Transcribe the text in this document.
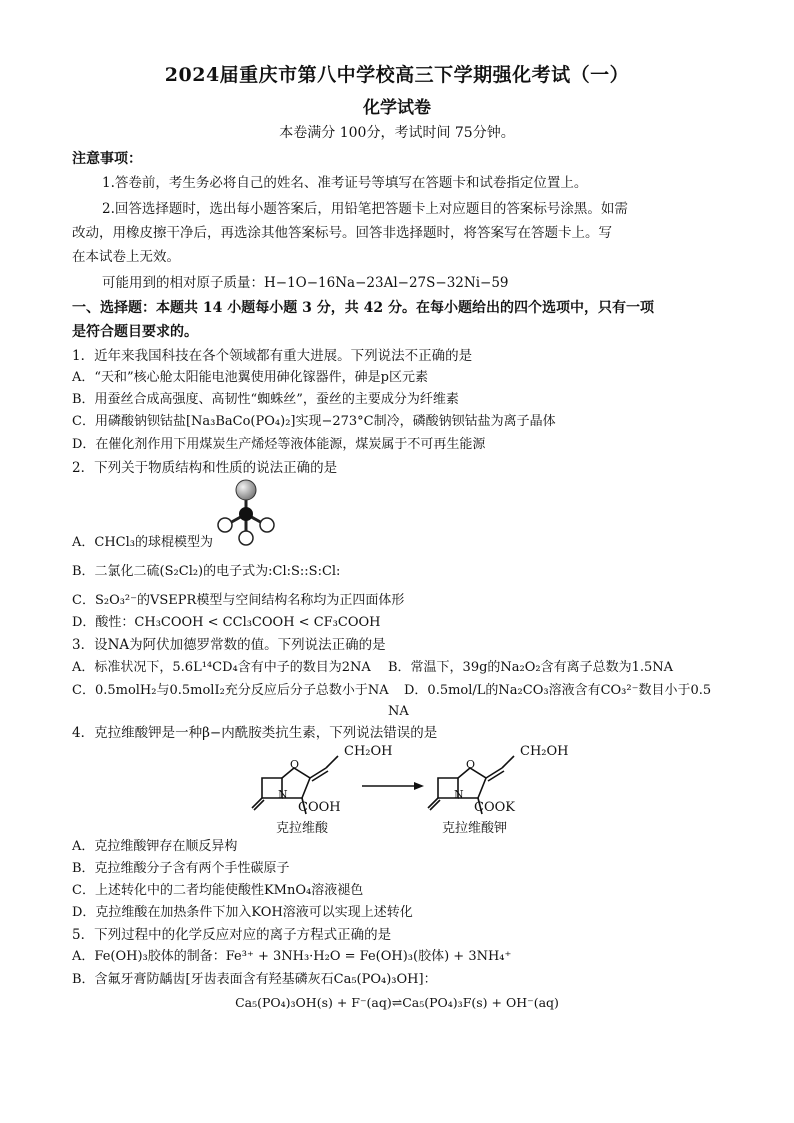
2024届重庆市第八中学校高三下学期强化考试（一）
化学试卷
本卷满分 100分，考试时间 75分钟。
注意事项：
1.答卷前，考生务必将自己的姓名、准考证号等填写在答题卡和试卷指定位置上。
2.回答选择题时，选出每小题答案后，用铅笔把答题卡上对应题目的答案标号涂黑。如需
改动，用橡皮擦干净后，再选涂其他答案标号。回答非选择题时，将答案写在答题卡上。写
在本试卷上无效。
可能用到的相对原子质量：H−1O−16Na−23Al−27S−32Ni−59
一、选择题：本题共 14 小题每小题 3 分，共 42 分。在每小题给出的四个选项中，只有一项
是符合题目要求的。
1．近年来我国科技在各个领域都有重大进展。下列说法不正确的是
A．“天和”核心舱太阳能电池翼使用砷化镓器件，砷是p区元素
B．用蚕丝合成高强度、高韧性“蜘蛛丝”，蚕丝的主要成分为纤维素
C．用磷酸钠钡钴盐[Na₃BaCo(PO₄)₂]实现−273°C制冷，磷酸钠钡钴盐为离子晶体
D．在催化剂作用下用煤炭生产烯烃等液体能源，煤炭属于不可再生能源
2．下列关于物质结构和性质的说法正确的是
A．CHCl₃的球棍模型为
B．二氯化二硫(S₂Cl₂)的电子式为:Cl:S::S:Cl:
C．S₂O₃²⁻的VSEPR模型与空间结构名称均为正四面体形
D．酸性：CH₃COOH < CCl₃COOH < CF₃COOH
3．设NA为阿伏加德罗常数的值。下列说法正确的是
A．标准状况下，5.6L¹⁴CD₄含有中子的数目为2NA	B．常温下，39g的Na₂O₂含有离子总数为1.5NA
C．0.5molH₂与0.5molI₂充分反应后分子总数小于NA D．0.5mol/L的Na₂CO₃溶液含有CO₃²⁻数目小于0.5
NA
4．克拉维酸钾是一种β−内酰胺类抗生素，下列说法错误的是
CH₂OH
O
N
COOH
克拉维酸
CH₂OH
O
N
COOK
克拉维酸钾
A．克拉维酸钾存在顺反异构
B．克拉维酸分子含有两个手性碳原子
C．上述转化中的二者均能使酸性KMnO₄溶液褪色
D．克拉维酸在加热条件下加入KOH溶液可以实现上述转化
5．下列过程中的化学反应对应的离子方程式正确的是
A．Fe(OH)₃胶体的制备：Fe³⁺ + 3NH₃·H₂O = Fe(OH)₃(胶体) + 3NH₄⁺
B．含氟牙膏防龋齿[牙齿表面含有羟基磷灰石Ca₅(PO₄)₃OH]：
Ca₅(PO₄)₃OH(s) + F⁻(aq)⇌Ca₅(PO₄)₃F(s) + OH⁻(aq)
